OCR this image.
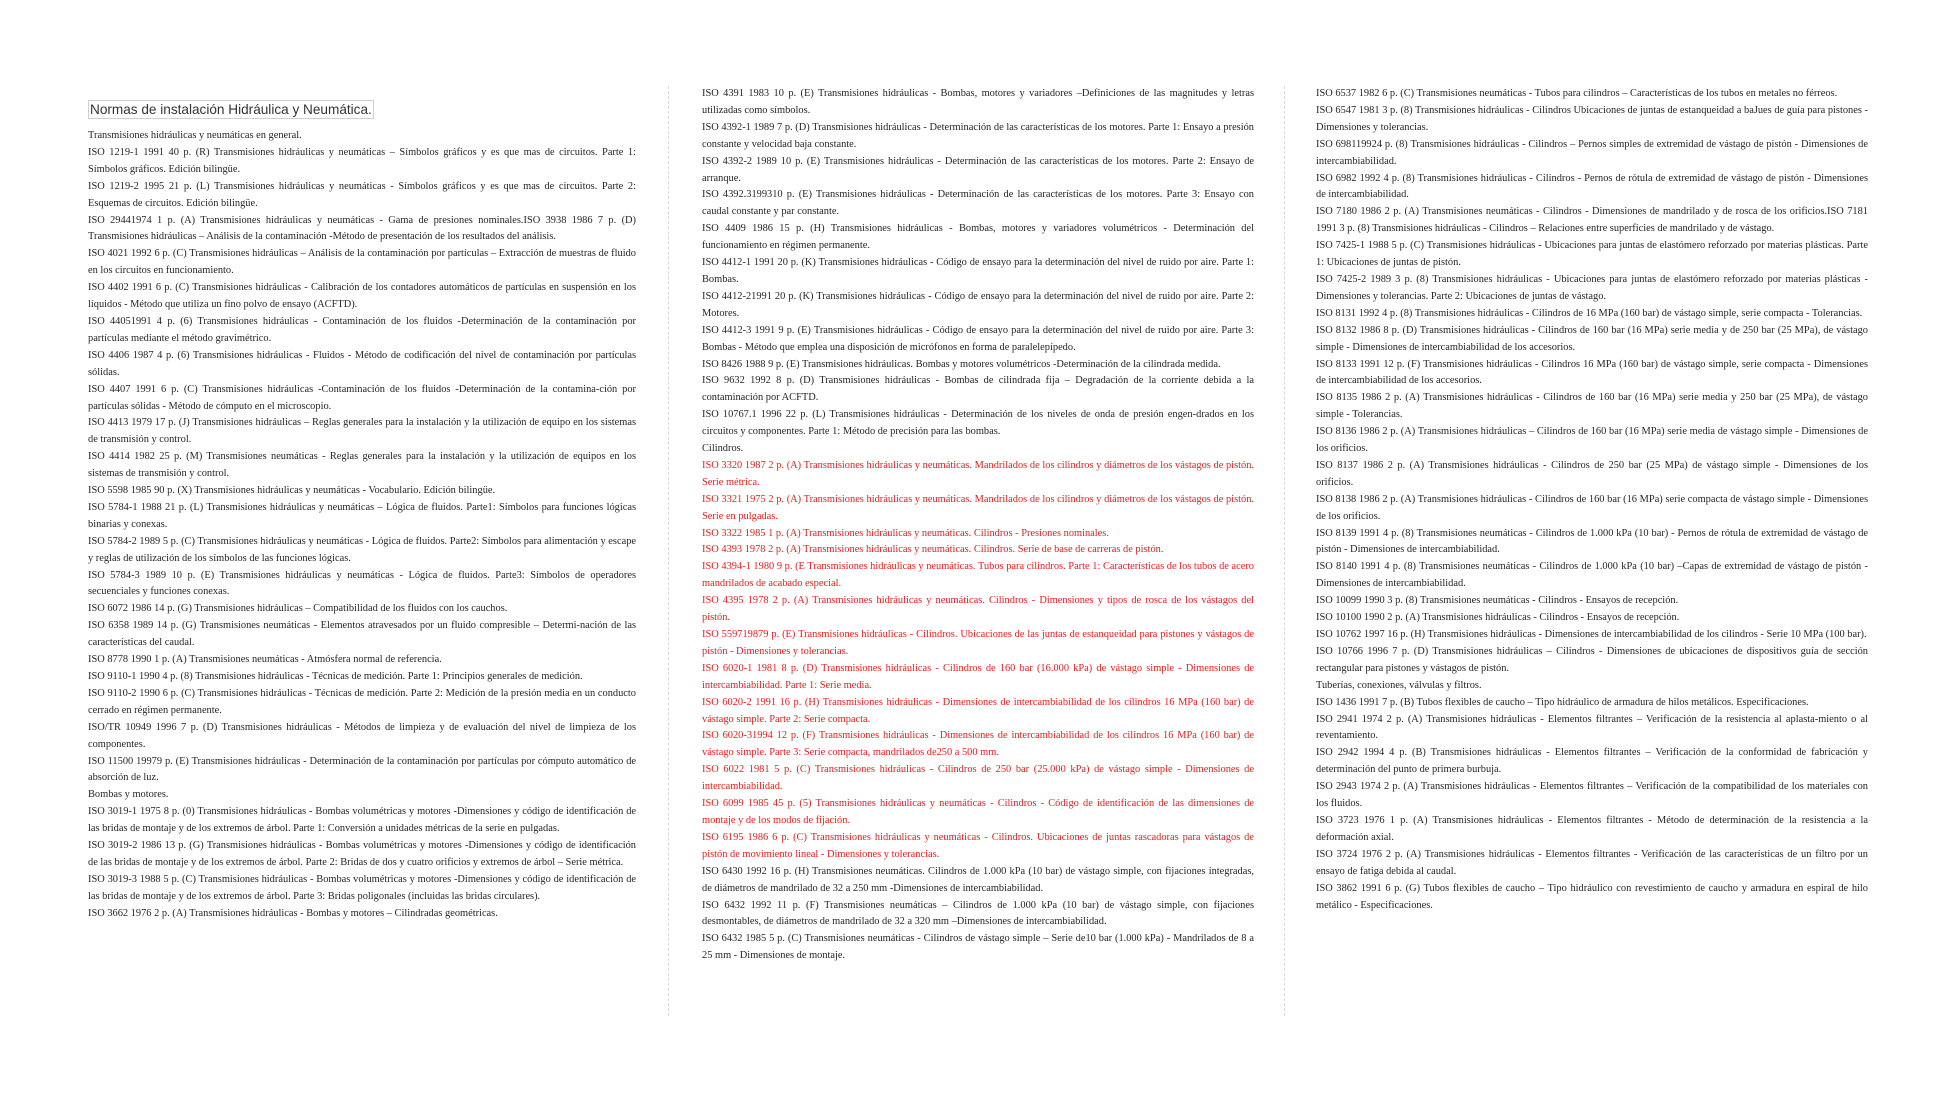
Normas de instalación Hidráulica y Neumática.

Transmisiones hidráulicas y neumáticas en general.

ISO 1219-1 1991 40 p. (R) Transmisiones hidráulicas y neumáticas – Símbolos gráficos y es que mas de circuitos. Parte 1: Símbolos gráficos. Edición bilingüe.

ISO 1219-2 1995 21 p. (L) Transmisiones hidráulicas y neumáticas - Símbolos gráficos y es que mas de circuitos. Parte 2: Esquemas de circuitos. Edición bilingüe.

ISO 29441974 1 p. (A) Transmisiones hidráulicas y neumáticas - Gama de presiones nominales.ISO 3938 1986 7 p. (D) Transmisiones hidráulicas – Análisis de la contaminación -Método de presentación de los resultados del análisis.

ISO 4021 1992 6 p. (C) Transmisiones hidráulicas – Análisis de la contaminación por partículas – Extracción de muestras de fluido en los circuitos en funcionamiento.

ISO 4402 1991 6 p. (C) Transmisiones hidráulicas - Calibración de los contadores automáticos de partículas en suspensión en los líquidos - Método que utiliza un fino polvo de ensayo (ACFTD).

ISO 44051991 4 p. (6) Transmisiones hidráulicas - Contaminación de los fluidos -Determinación de la contaminación por partículas mediante el método gravimétrico.

ISO 4406 1987 4 p. (6) Transmisiones hidráulicas - Fluidos - Método de codificación del nivel de contaminación por partículas sólidas.

ISO 4407 1991 6 p. (C) Transmisiones hidráulicas -Contaminación de los fluidos -Determinación de la contamina-ción por partículas sólidas - Método de cómputo en el microscopio.

ISO 4413 1979 17 p. (J) Transmisiones hidráulicas – Reglas generales para la instalación y la utilización de equipo en los sistemas de transmisión y control.

ISO 4414 1982 25 p. (M) Transmisiones neumáticas - Reglas generales para la instalación y la utilización de equipos en los sistemas de transmisión y control.

ISO 5598 1985 90 p. (X) Transmisiones hidráulicas y neumáticas - Vocabulario. Edición bilingüe.

ISO 5784-1 1988 21 p. (L) Transmisiones hidráulicas y neumáticas – Lógica de fluidos. Parte1: Símbolos para funciones lógicas binarias y conexas.

ISO 5784-2 1989 5 p. (C) Transmisiones hidráulicas y neumáticas - Lógica de fluidos. Parte2: Símbolos para alimentación y escape y reglas de utilización de los símbolos de las funciones lógicas.

ISO 5784-3 1989 10 p. (E) Transmisiones hidráulicas y neumáticas - Lógica de fluidos. Parte3: Símbolos de operadores secuenciales y funciones conexas.

ISO 6072 1986 14 p. (G) Transmisiones hidráulicas – Compatibilidad de los fluidos con los cauchos.

ISO 6358 1989 14 p. (G) Transmisiones neumáticas - Elementos atravesados por un fluido compresible – Determi-nación de las características del caudal.

ISO 8778 1990 1 p. (A) Transmisiones neumáticas - Atmósfera normal de referencia.

ISO 9110-1 1990 4 p. (8) Transmisiones hidráulicas - Técnicas de medición. Parte 1: Principios generales de medición.

ISO 9110-2 1990 6 p. (C) Transmisiones hidráulicas - Técnicas de medición. Parte 2: Medición de la presión media en un conducto cerrado en régimen permanente.

ISO/TR 10949 1996 7 p. (D) Transmisiones hidráulicas - Métodos de limpieza y de evaluación del nivel de limpieza de los componentes.

ISO 11500 19979 p. (E) Transmisiones hidráulicas - Determinación de la contaminación por partículas por cómputo automático de absorción de luz.

Bombas y motores.

ISO 3019-1 1975 8 p. (0) Transmisiones hidráulicas - Bombas volumétricas y motores -Dimensiones y código de identificación de las bridas de montaje y de los extremos de árbol. Parte 1: Conversión a unidades métricas de la serie en pulgadas.

ISO 3019-2 1986 13 p. (G) Transmisiones hidráulicas - Bombas volumétricas y motores -Dimensiones y código de identificación de las bridas de montaje y de los extremos de árbol. Parte 2: Bridas de dos y cuatro orificios y extremos de árbol – Serie métrica.

ISO 3019-3 1988 5 p. (C) Transmisiones hidráulicas - Bombas volumétricas y motores -Dimensiones y código de identificación de las bridas de montaje y de los extremos de árbol. Parte 3: Bridas poligonales (incluidas las bridas circulares).

ISO 3662 1976 2 p. (A) Transmisiones hidráulicas - Bombas y motores – Cilindradas geométricas.

ISO 4391 1983 10 p. (E) Transmisiones hidráulicas - Bombas, motores y variadores –Definiciones de las magnitudes y letras utilizadas como símbolos.

ISO 4392-1 1989 7 p. (D) Transmisiones hidráulicas - Determinación de las características de los motores. Parte 1: Ensayo a presión constante y velocidad baja constante.

ISO 4392-2 1989 10 p. (E) Transmisiones hidráulicas - Determinación de las características de los motores. Parte 2: Ensayo de arranque.

ISO 4392.3199310 p. (E) Transmisiones hidráulicas - Determinación de las características de los motores. Parte 3: Ensayo con caudal constante y par constante.

ISO 4409 1986 15 p. (H) Transmisiones hidráulicas - Bombas, motores y variadores volumétricos - Determinación del funcionamiento en régimen permanente.

ISO 4412-1 1991 20 p. (K) Transmisiones hidráulicas - Código de ensayo para la determinación del nivel de ruido por aire. Parte 1: Bombas.

ISO 4412-21991 20 p. (K) Transmisiones hidráulicas - Código de ensayo para la determinación del nivel de ruido por aire. Parte 2: Motores.

ISO 4412-3 1991 9 p. (E) Transmisiones hidráulicas - Código de ensayo para la determinación del nivel de ruido por aire. Parte 3: Bombas - Método que emplea una disposición de micrófonos en forma de paralelepípedo.

ISO 8426 1988 9 p. (E) Transmisiones hidráulicas. Bombas y motores volumétricos -Determinación de la cilindrada medida.

ISO 9632 1992 8 p. (D) Transmisiones hidráulicas - Bombas de cilindrada fija – Degradación de la corriente debida a la contaminación por ACFTD.

ISO 10767.1 1996 22 p. (L) Transmisiones hidráulicas - Determinación de los niveles de onda de presión engen-drados en los circuitos y componentes. Parte 1: Método de precisión para las bombas.

Cilindros.

ISO 3320 1987 2 p. (A) Transmisiones hidráulicas y neumáticas. Mandrilados de los cilindros y diámetros de los vástagos de pistón. Serie métrica.

ISO 3321 1975 2 p. (A) Transmisiones hidráulicas y neumáticas. Mandrilados de los cilindros y diámetros de los vástagos de pistón. Serie en pulgadas.

ISO 3322 1985 1 p. (A) Transmisiones hidráulicas y neumáticas. Cilindros - Presiones nominales.

ISO 4393 1978 2 p. (A) Transmisiones hidráulicas y neumáticas. Cilindros. Serie de base de carreras de pistón.

ISO 4394-1 1980 9 p. (E Transmisiones hidráulicas y neumáticas. Tubos para cilindros. Parte 1: Características de los tubos de acero mandrilados de acabado especial.

ISO 4395 1978 2 p. (A) Transmisiones hidráulicas y neumáticas. Cilindros - Dimensiones y tipos de rosca de los vástagos del pistón.

ISO 559719879 p. (E) Transmisiones hidráulicas - Cilindros. Ubicaciones de las juntas de estanqueidad para pistones y vástagos de pistón - Dimensiones y tolerancias.

ISO 6020-1 1981 8 p. (D) Transmisiones hidráulicas - Cilindros de 160 bar (16.000 kPa) de vástago simple - Dimensiones de intercambiabilidad. Parte 1: Serie media.

ISO 6020-2 1991 16 p. (H) Transmisiones hidráulicas - Dimensiones de intercambiabilidad de los cilindros 16 MPa (160 bar) de vástago simple. Parte 2: Serie compacta.

ISO 6020-31994 12 p. (F) Transmisiones hidráulicas - Dimensiones de intercambiabilidad de los cilindros 16 MPa (160 bar) de vástago simple. Parte 3: Serie compacta, mandrilados de250 a 500 mm.

ISO 6022 1981 5 p. (C) Transmisiones hidráulicas - Cilindros de 250 bar (25.000 kPa) de vástago simple - Dimensiones de intercambiabilidad.

ISO 6099 1985 45 p. (5) Transmisiones hidráulicas y neumáticas - Cilindros - Código de identificación de las dimensiones de montaje y de los modos de fijación.

ISO 6195 1986 6 p. (C) Transmisiones hidráulicas y neumáticas - Cilindros. Ubicaciones de juntas rascadoras para vástagos de pistón de movimiento lineal - Dimensiones y tolerancias.

ISO 6430 1992 16 p. (H) Transmisiones neumáticas. Cilindros de 1.000 kPa (10 bar) de vástago simple, con fijaciones integradas, de diámetros de mandrilado de 32 a 250 mm -Dimensiones de intercambiabilidad.

ISO 6432 1992 11 p. (F) Transmisiones neumáticas – Cilindros de 1.000 kPa (10 bar) de vástago simple, con fijaciones desmontables, de diámetros de mandrilado de 32 a 320 mm –Dimensiones de intercambiabilidad.

ISO 6432 1985 5 p. (C) Transmisiones neumáticas - Cilindros de vástago simple – Serie de10 bar (1.000 kPa) - Mandrilados de 8 a 25 mm - Dimensiones de montaje.

ISO 6537 1982 6 p. (C) Transmisiones neumáticas - Tubos para cilindros – Características de los tubos en metales no férreos.

ISO 6547 1981 3 p. (8) Transmisiones hidráulicas - Cilindros Ubicaciones de juntas de estanqueidad a baJues de guía para pistones - Dimensiones y tolerancias.

ISO 698119924 p. (8) Transmisiones hidráulicas - Cilindros – Pernos simples de extremidad de vástago de pistón - Dimensiones de intercambiabilidad.

ISO 6982 1992 4 p. (8) Transmisiones hidráulicas - Cilindros - Pernos de rótula de extremidad de vástago de pistón - Dimensiones de intercambiabilidad.

ISO 7180 1986 2 p. (A) Transmisiones neumáticas - Cilindros - Dimensiones de mandrilado y de rosca de los orificios.ISO 7181 1991 3 p. (8) Transmisiones hidráulicas - Cilindros – Relaciones entre superficies de mandrilado y de vástago.

ISO 7425-1 1988 5 p. (C) Transmisiones hidráulicas - Ubicaciones para juntas de elastómero reforzado por materias plásticas. Parte 1: Ubicaciones de juntas de pistón.

ISO 7425-2 1989 3 p. (8) Transmisiones hidráulicas - Ubicaciones para juntas de elastómero reforzado por materias plásticas - Dimensiones y tolerancias. Parte 2: Ubicaciones de juntas de vástago.

ISO 8131 1992 4 p. (8) Transmisiones hidráulicas - Cilindros de 16 MPa (160 bar) de vástago simple, serie compacta - Tolerancias.

ISO 8132 1986 8 p. (D) Transmisiones hidráulicas - Cilindros de 160 bar (16 MPa) serie media y de 250 bar (25 MPa), de vástago simple - Dimensiones de intercambiabilidad de los accesorios.

ISO 8133 1991 12 p. (F) Transmisiones hidráulicas - Cilindros 16 MPa (160 bar) de vástago simple, serie compacta - Dimensiones de intercambiabilidad de los accesorios.

ISO 8135 1986 2 p. (A) Transmisiones hidráulicas - Cilindros de 160 bar (16 MPa) serie media y 250 bar (25 MPa), de vástago simple - Tolerancias.

ISO 8136 1986 2 p. (A) Transmisiones hidráulicas – Cilindros de 160 bar (16 MPa) serie media de vástago simple - Dimensiones de los orificios.

ISO 8137 1986 2 p. (A) Transmisiones hidráulicas - Cilindros de 250 bar (25 MPa) de vástago simple - Dimensiones de los orificios.

ISO 8138 1986 2 p. (A) Transmisiones hidráulicas - Cilindros de 160 bar (16 MPa) serie compacta de vástago simple - Dimensiones de los orificios.

ISO 8139 1991 4 p. (8) Transmisiones neumáticas - Cilindros de 1.000 kPa (10 bar) - Pernos de rótula de extremidad de vástago de pistón - Dimensiones de intercambiabilidad.

ISO 8140 1991 4 p. (8) Transmisiones neumáticas - Cilindros de 1.000 kPa (10 bar) –Capas de extremidad de vástago de pistón - Dimensiones de intercambiabilidad.

ISO 10099 1990 3 p. (8) Transmisiones neumáticas - Cilindros - Ensayos de recepción.

ISO 10100 1990 2 p. (A) Transmisiones hidráulicas - Cilindros - Ensayos de recepción.

ISO 10762 1997 16 p. (H) Transmisiones hidráulicas - Dimensiones de intercambiabilidad de los cilindros - Serie 10 MPa (100 bar).

ISO 10766 1996 7 p. (D) Transmisiones hidráulicas – Cilindros - Dimensiones de ubicaciones de dispositivos guía de sección rectangular para pistones y vástagos de pistón.

Tuberías, conexiones, válvulas y filtros.

ISO 1436 1991 7 p. (B) Tubos flexibles de caucho – Tipo hidráulico de armadura de hilos metálicos. Especificaciones.

ISO 2941 1974 2 p. (A) Transmisiones hidráulicas - Elementos filtrantes – Verificación de la resistencia al aplasta-miento o al reventamiento.

ISO 2942 1994 4 p. (B) Transmisiones hidráulicas - Elementos filtrantes – Verificación de la conformidad de fabricación y determinación del punto de primera burbuja.

ISO 2943 1974 2 p. (A) Transmisiones hidráulicas - Elementos filtrantes – Verificación de la compatibilidad de los materiales con los fluidos.

ISO 3723 1976 1 p. (A) Transmisiones hidráulicas - Elementos filtrantes - Método de determinación de la resistencia a la deformación axial.

ISO 3724 1976 2 p. (A) Transmisiones hidráulicas - Elementos filtrantes - Verificación de las características de un filtro por un ensayo de fatiga debida al caudal.

ISO 3862 1991 6 p. (G) Tubos flexibles de caucho – Tipo hidráulico con revestimiento de caucho y armadura en espiral de hilo metálico - Especificaciones.
